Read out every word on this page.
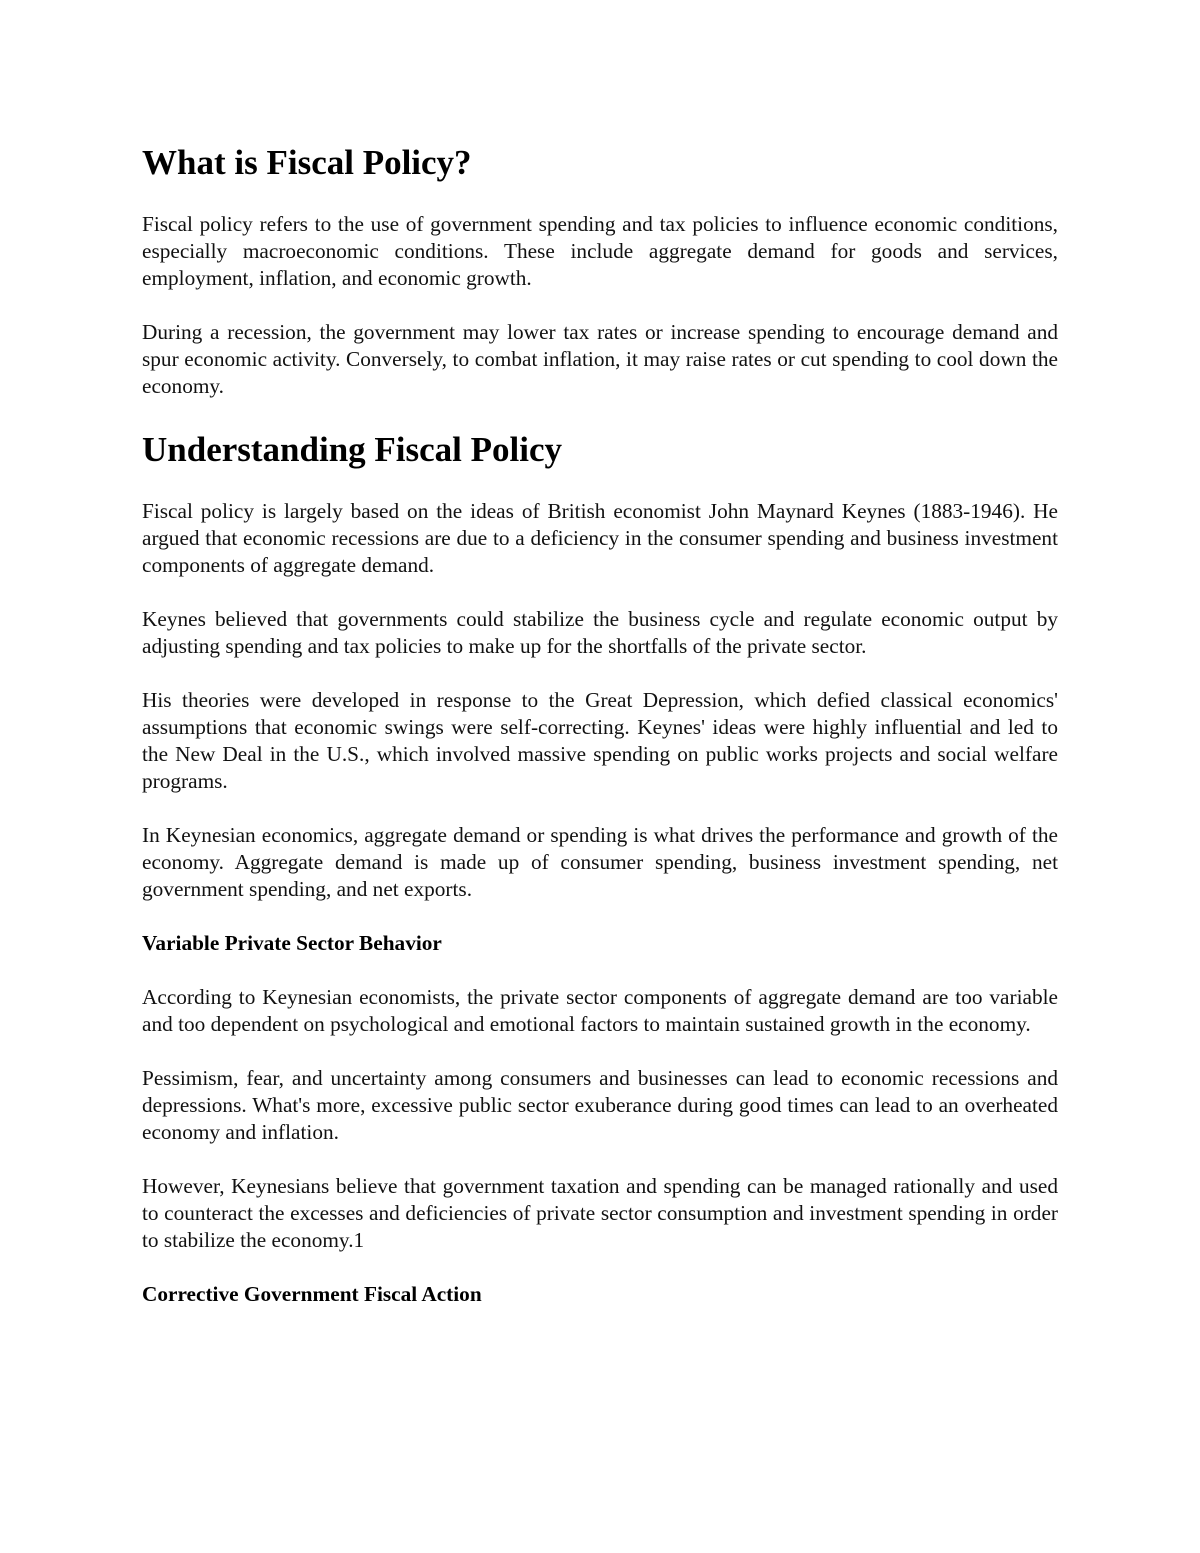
What is Fiscal Policy?

Fiscal policy refers to the use of government spending and tax policies to influence economic conditions, especially macroeconomic conditions. These include aggregate demand for goods and services, employment, inflation, and economic growth.

During a recession, the government may lower tax rates or increase spending to encourage demand and spur economic activity. Conversely, to combat inflation, it may raise rates or cut spending to cool down the economy.

Understanding Fiscal Policy

Fiscal policy is largely based on the ideas of British economist John Maynard Keynes (1883-1946). He argued that economic recessions are due to a deficiency in the consumer spending and business investment components of aggregate demand.

Keynes believed that governments could stabilize the business cycle and regulate economic output by adjusting spending and tax policies to make up for the shortfalls of the private sector.

His theories were developed in response to the Great Depression, which defied classical economics' assumptions that economic swings were self-correcting. Keynes' ideas were highly influential and led to the New Deal in the U.S., which involved massive spending on public works projects and social welfare programs.

In Keynesian economics, aggregate demand or spending is what drives the performance and growth of the economy. Aggregate demand is made up of consumer spending, business investment spending, net government spending, and net exports.

Variable Private Sector Behavior

According to Keynesian economists, the private sector components of aggregate demand are too variable and too dependent on psychological and emotional factors to maintain sustained growth in the economy.

Pessimism, fear, and uncertainty among consumers and businesses can lead to economic recessions and depressions. What's more, excessive public sector exuberance during good times can lead to an overheated economy and inflation.

However, Keynesians believe that government taxation and spending can be managed rationally and used to counteract the excesses and deficiencies of private sector consumption and investment spending in order to stabilize the economy.1

Corrective Government Fiscal Action
